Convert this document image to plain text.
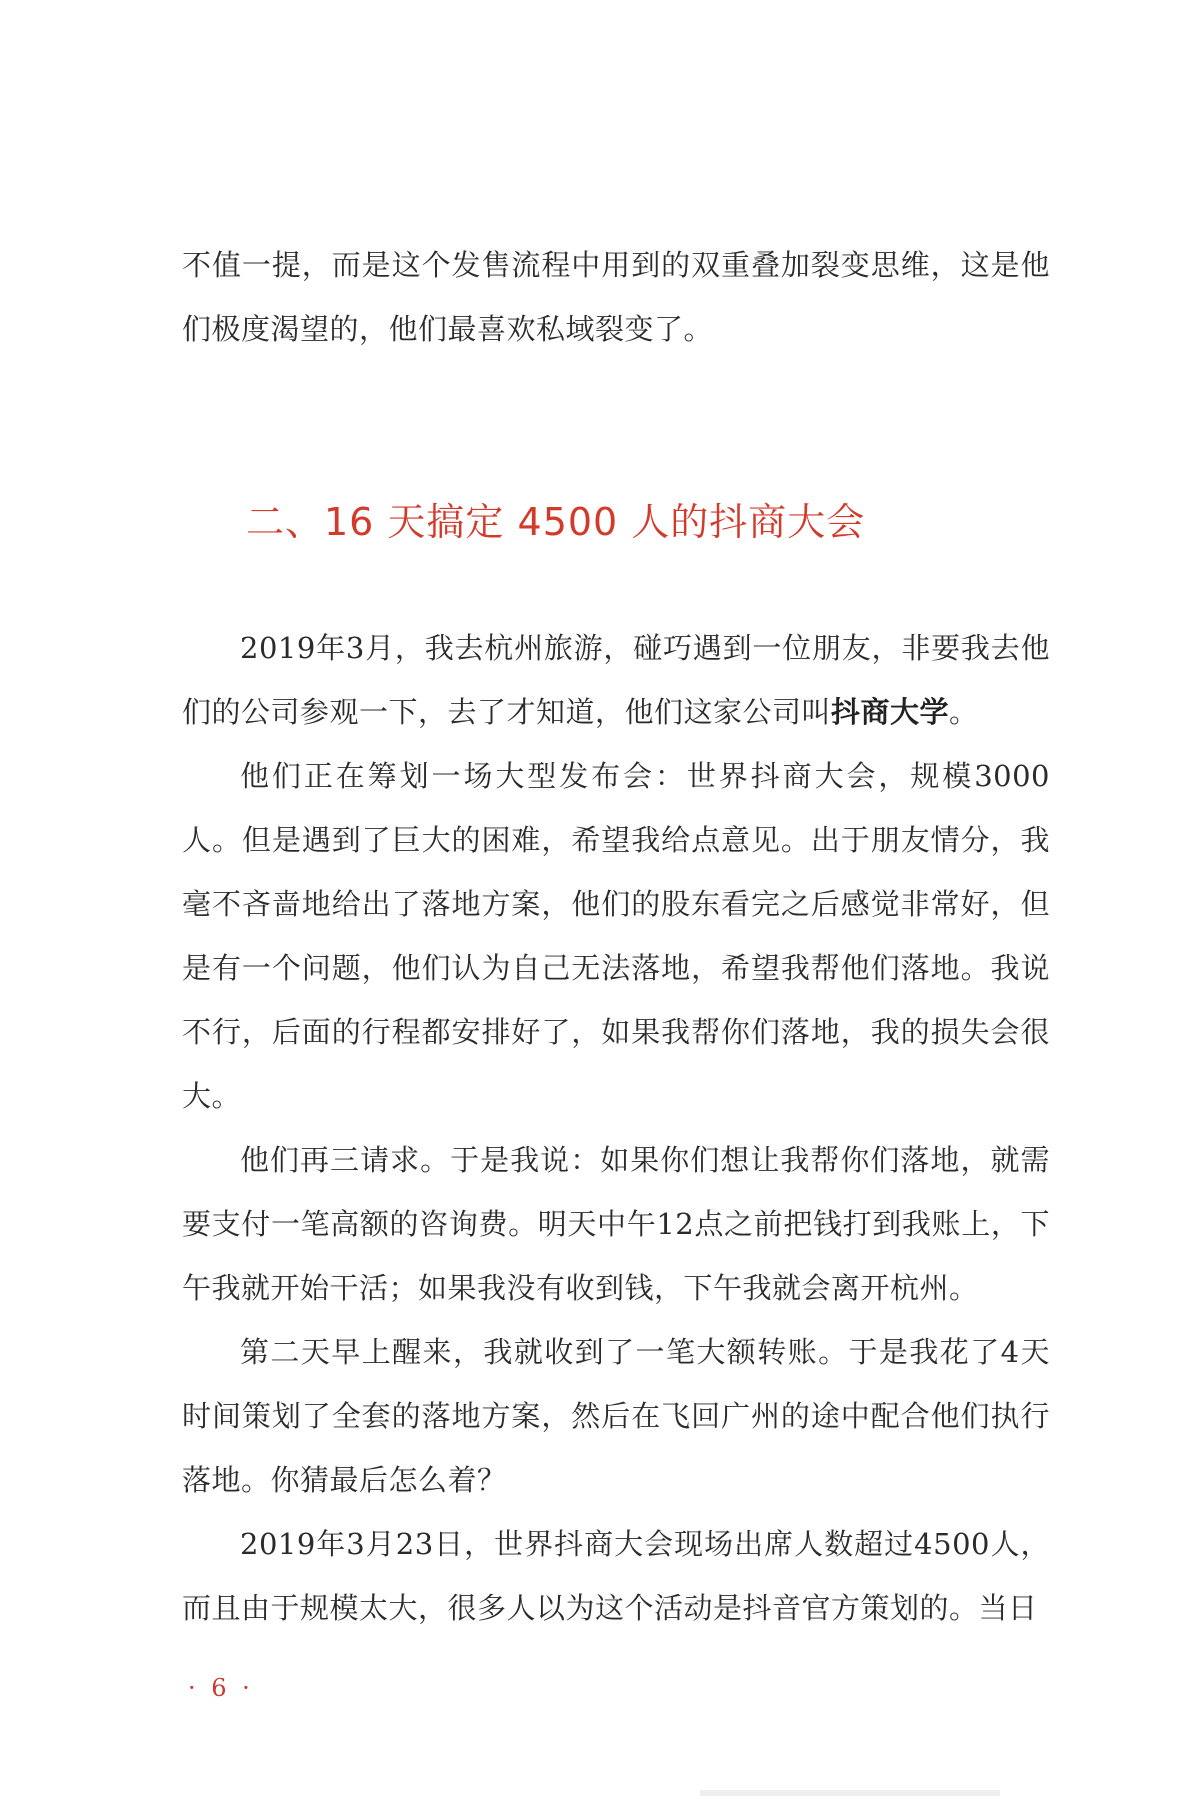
不值一提，而是这个发售流程中用到的双重叠加裂变思维，这是他们极度渴望的，他们最喜欢私域裂变了。

二、16 天搞定 4500 人的抖商大会

2019年3月，我去杭州旅游，碰巧遇到一位朋友，非要我去他们的公司参观一下，去了才知道，他们这家公司叫抖商大学。

他们正在筹划一场大型发布会：世界抖商大会，规模3000人。但是遇到了巨大的困难，希望我给点意见。出于朋友情分，我毫不吝啬地给出了落地方案，他们的股东看完之后感觉非常好，但是有一个问题，他们认为自己无法落地，希望我帮他们落地。我说不行，后面的行程都安排好了，如果我帮你们落地，我的损失会很大。

他们再三请求。于是我说：如果你们想让我帮你们落地，就需要支付一笔高额的咨询费。明天中午12点之前把钱打到我账上，下午我就开始干活；如果我没有收到钱，下午我就会离开杭州。

第二天早上醒来，我就收到了一笔大额转账。于是我花了4天时间策划了全套的落地方案，然后在飞回广州的途中配合他们执行落地。你猜最后怎么着？

2019年3月23日，世界抖商大会现场出席人数超过4500人，而且由于规模太大，很多人以为这个活动是抖音官方策划的。当日

· 6 ·
